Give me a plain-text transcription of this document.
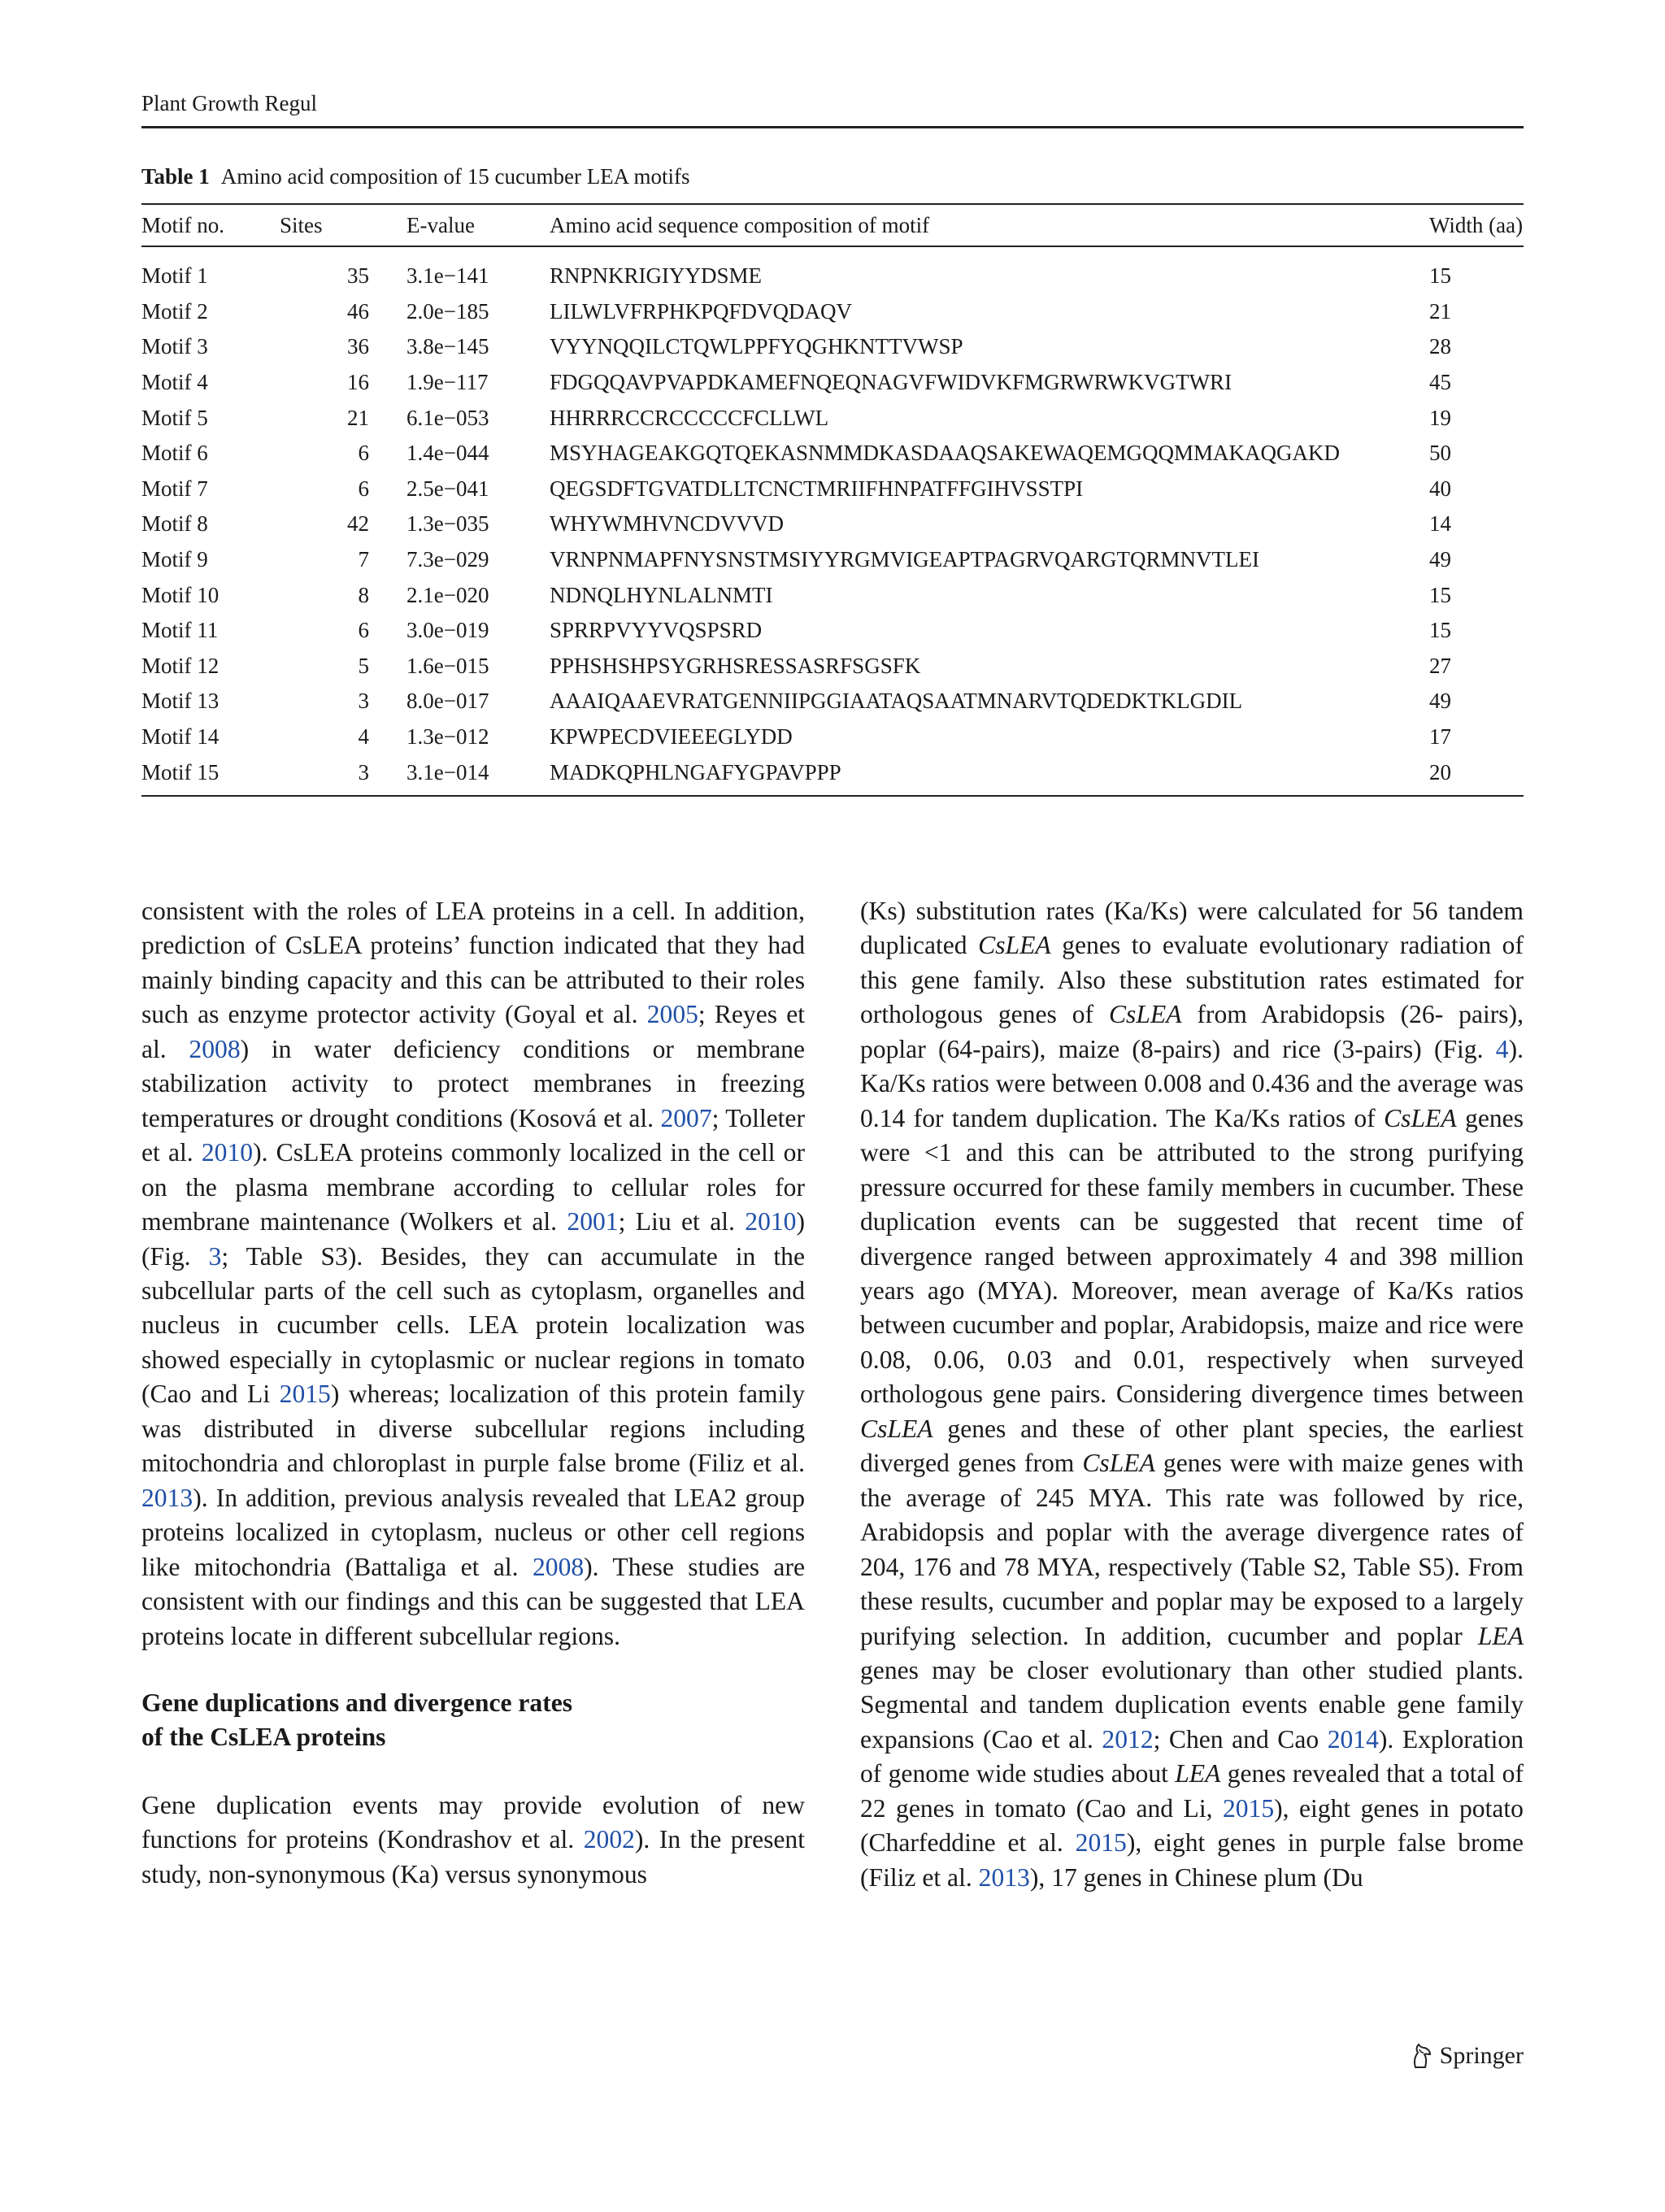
Plant Growth Regul
Table 1 Amino acid composition of 15 cucumber LEA motifs
Motif no.	Sites	E-value	Amino acid sequence composition of motif	Width (aa)
Motif 1	35	3.1e−141	RNPNKRIGIYYDSME	15
Motif 2	46	2.0e−185	LILWLVFRPHKPQFDVQDAQV	21
Motif 3	36	3.8e−145	VYYNQQILCTQWLPPFYQGHKNTTVWSP	28
Motif 4	16	1.9e−117	FDGQQAVPVAPDKAMEFNQEQNAGVFWIDVKFMGRWRWKVGTWRI	45
Motif 5	21	6.1e−053	HHRRRCCRCCCCCFCLLWL	19
Motif 6	6	1.4e−044	MSYHAGEAKGQTQEKASNMMDKASDAAQSAKEWAQEMGQQMMAKAQGAKD	50
Motif 7	6	2.5e−041	QEGSDFTGVATDLLTCNCTMRIIFHNPATFFGIHVSSTPI	40
Motif 8	42	1.3e−035	WHYWMHVNCDVVVD	14
Motif 9	7	7.3e−029	VRNPNMAPFNYSNSTMSIYYRGMVIGEAPTPAGRVQARGTQRMNVTLEI	49
Motif 10	8	2.1e−020	NDNQLHYNLALNMTI	15
Motif 11	6	3.0e−019	SPRRPVYYVQSPSRD	15
Motif 12	5	1.6e−015	PPHSHSHPSYGRHSRESSASRFSGSFK	27
Motif 13	3	8.0e−017	AAAIQAAEVRATGENNIIPGGIAATAQSAATMNARVTQDEDKTKLGDIL	49
Motif 14	4	1.3e−012	KPWPECDVIEEEGLYDD	17
Motif 15	3	3.1e−014	MADKQPHLNGAFYGPAVPPP	20

consistent with the roles of LEA proteins in a cell. In addition, prediction of CsLEA proteins’ function indicated that they had mainly binding capacity and this can be attributed to their roles such as enzyme protector activity (Goyal et al. 2005; Reyes et al. 2008) in water deficiency conditions or membrane stabilization activity to protect membranes in freezing temperatures or drought conditions (Kosová et al. 2007; Tolleter et al. 2010). CsLEA proteins commonly localized in the cell or on the plasma membrane according to cellular roles for membrane maintenance (Wolkers et al. 2001; Liu et al. 2010) (Fig. 3; Table S3). Besides, they can accumulate in the subcellular parts of the cell such as cytoplasm, organelles and nucleus in cucumber cells. LEA protein localization was showed especially in cytoplasmic or nuclear regions in tomato (Cao and Li 2015) whereas; localization of this protein family was distributed in diverse subcellular regions including mitochondria and chloroplast in purple false brome (Filiz et al. 2013). In addition, previous analysis revealed that LEA2 group proteins localized in cytoplasm, nucleus or other cell regions like mitochondria (Battaliga et al. 2008). These studies are consistent with our findings and this can be suggested that LEA proteins locate in different subcellular regions.

Gene duplications and divergence rates
of the CsLEA proteins

Gene duplication events may provide evolution of new functions for proteins (Kondrashov et al. 2002). In the present study, non-synonymous (Ka) versus synonymous

(Ks) substitution rates (Ka/Ks) were calculated for 56 tandem duplicated CsLEA genes to evaluate evolutionary radiation of this gene family. Also these substitution rates estimated for orthologous genes of CsLEA from Arabidopsis (26- pairs), poplar (64-pairs), maize (8-pairs) and rice (3-pairs) (Fig. 4). Ka/Ks ratios were between 0.008 and 0.436 and the average was 0.14 for tandem duplication. The Ka/Ks ratios of CsLEA genes were <1 and this can be attributed to the strong purifying pressure occurred for these family members in cucumber. These duplication events can be suggested that recent time of divergence ranged between approximately 4 and 398 million years ago (MYA). Moreover, mean average of Ka/Ks ratios between cucumber and poplar, Arabidopsis, maize and rice were 0.08, 0.06, 0.03 and 0.01, respectively when surveyed orthologous gene pairs. Considering divergence times between CsLEA genes and these of other plant species, the earliest diverged genes from CsLEA genes were with maize genes with the average of 245 MYA. This rate was followed by rice, Arabidopsis and poplar with the average divergence rates of 204, 176 and 78 MYA, respectively (Table S2, Table S5). From these results, cucumber and poplar may be exposed to a largely purifying selection. In addition, cucumber and poplar LEA genes may be closer evolutionary than other studied plants. Segmental and tandem duplication events enable gene family expansions (Cao et al. 2012; Chen and Cao 2014). Exploration of genome wide studies about LEA genes revealed that a total of 22 genes in tomato (Cao and Li, 2015), eight genes in potato (Charfeddine et al. 2015), eight genes in purple false brome (Filiz et al. 2013), 17 genes in Chinese plum (Du

Springer
